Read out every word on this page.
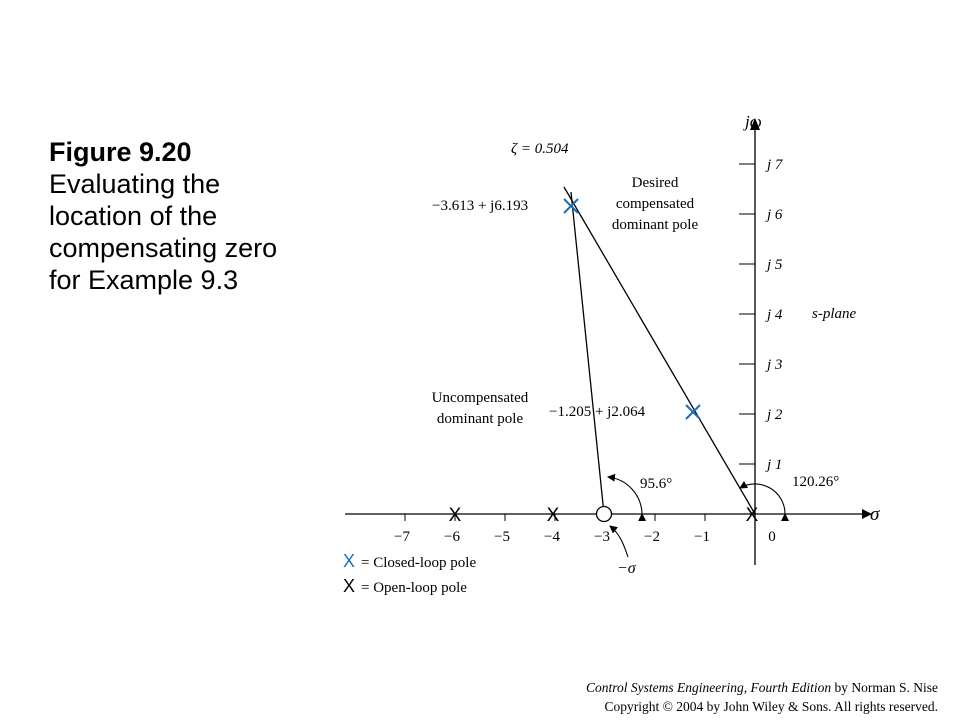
Figure 9.20
Evaluating the location of the compensating zero for Example 9.3
σ
jω
−7 −6 −5 −4 −3 −2 −1	0
j 1
j 2
j 3
j 4
j 5
j 6
j 7
s-plane
ζ = 0.504
X	X	X
−3.613 + j6.193
Desired
compensated
dominant pole
Uncompensated
dominant pole −1.205 + j2.064
95.6°	120.26°
−σ
X = Closed-loop pole
X = Open-loop pole
Control Systems Engineering, Fourth Edition by Norman S. Nise
Copyright © 2004 by John Wiley & Sons. All rights reserved.
